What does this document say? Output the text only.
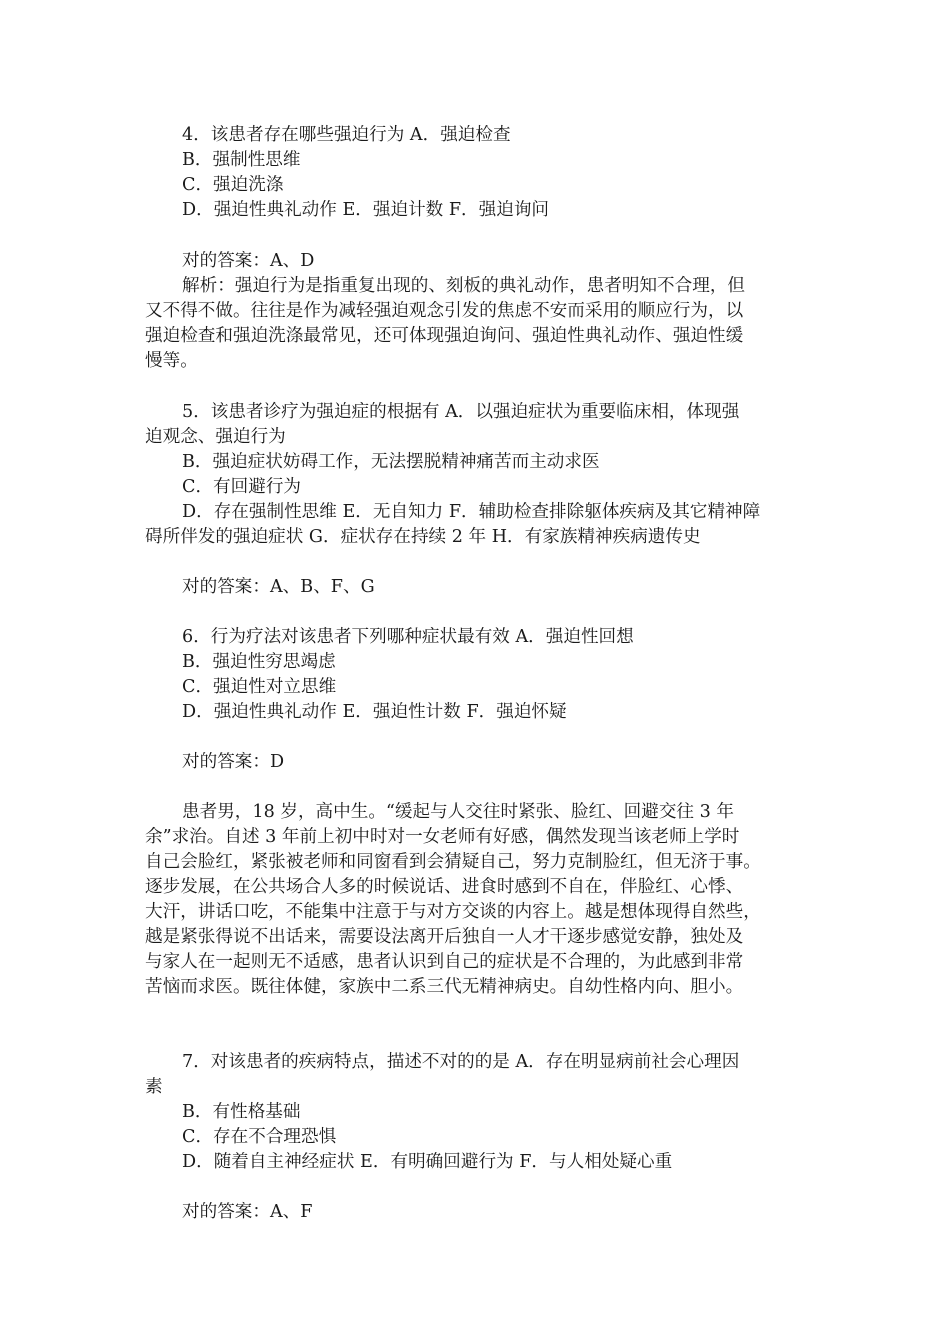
4．该患者存在哪些强迫行为 A．强迫检查
B．强制性思维
C．强迫洗涤
D．强迫性典礼动作 E．强迫计数 F．强迫询问
对的答案：A、D
解析：强迫行为是指重复出现的、刻板的典礼动作，患者明知不合理，但
又不得不做。往往是作为减轻强迫观念引发的焦虑不安而采用的顺应行为，以
强迫检查和强迫洗涤最常见，还可体现强迫询问、强迫性典礼动作、强迫性缓
慢等。
5．该患者诊疗为强迫症的根据有 A．以强迫症状为重要临床相，体现强
迫观念、强迫行为
B．强迫症状妨碍工作，无法摆脱精神痛苦而主动求医
C．有回避行为
D．存在强制性思维 E．无自知力 F．辅助检查排除躯体疾病及其它精神障
碍所伴发的强迫症状 G．症状存在持续 2 年 H．有家族精神疾病遗传史
对的答案：A、B、F、G
6．行为疗法对该患者下列哪种症状最有效 A．强迫性回想
B．强迫性穷思竭虑
C．强迫性对立思维
D．强迫性典礼动作 E．强迫性计数 F．强迫怀疑
对的答案：D
患者男，18 岁，高中生。“缓起与人交往时紧张、脸红、回避交往 3 年
余”求治。自述 3 年前上初中时对一女老师有好感，偶然发现当该老师上学时
自己会脸红，紧张被老师和同窗看到会猜疑自己，努力克制脸红，但无济于事。
逐步发展，在公共场合人多的时候说话、进食时感到不自在，伴脸红、心悸、
大汗，讲话口吃，不能集中注意于与对方交谈的内容上。越是想体现得自然些，
越是紧张得说不出话来，需要设法离开后独自一人才干逐步感觉安静，独处及
与家人在一起则无不适感，患者认识到自己的症状是不合理的，为此感到非常
苦恼而求医。既往体健，家族中二系三代无精神病史。自幼性格内向、胆小。
7．对该患者的疾病特点，描述不对的的是 A．存在明显病前社会心理因
素
B．有性格基础
C．存在不合理恐惧
D．随着自主神经症状 E．有明确回避行为 F．与人相处疑心重
对的答案：A、F
